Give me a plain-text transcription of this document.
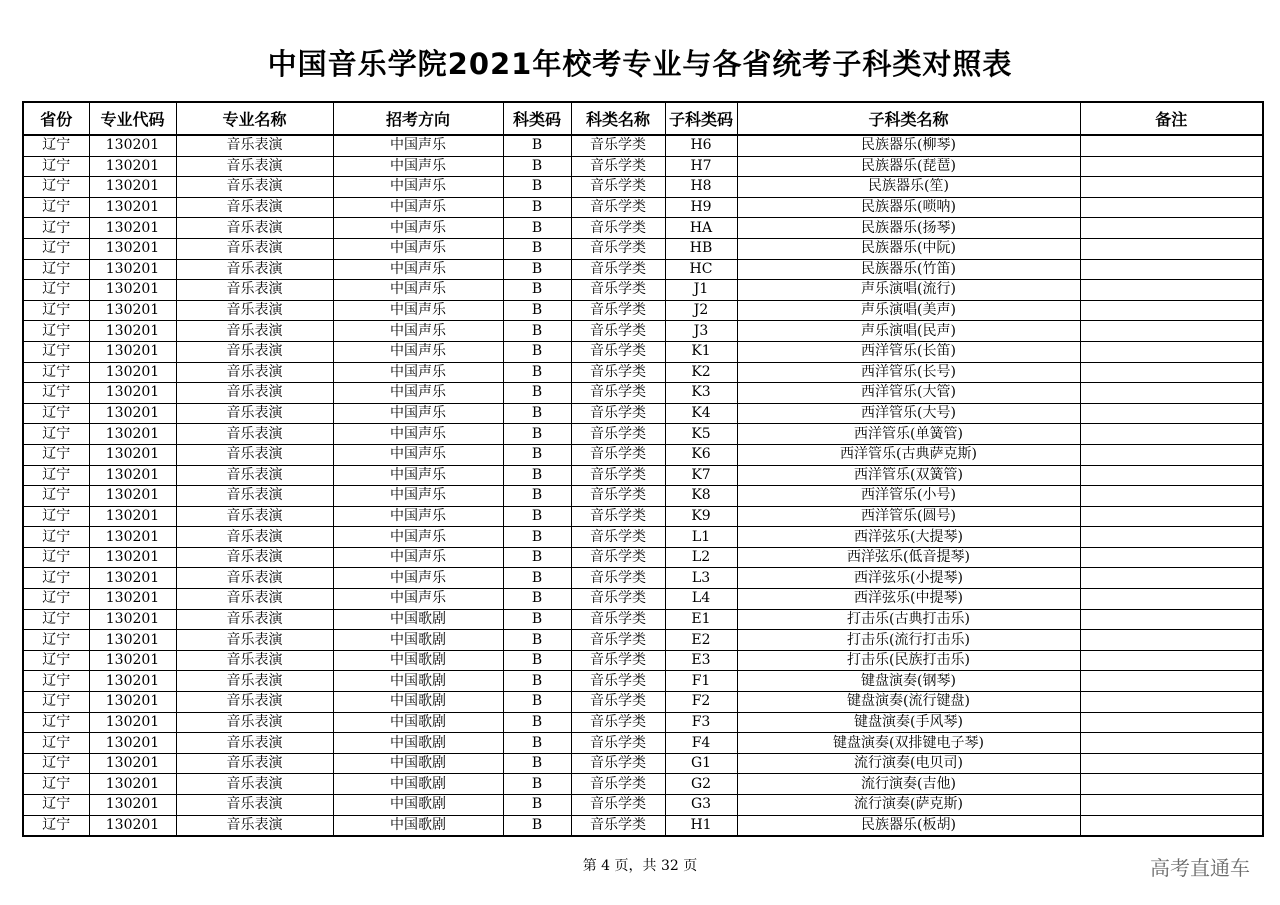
中国音乐学院2021年校考专业与各省统考子科类对照表
省份	专业代码	专业名称	招考方向	科类码	科类名称	子科类码	子科类名称	备注
辽宁	130201	音乐表演	中国声乐	B	音乐学类	H6	民族器乐(柳琴)	
辽宁	130201	音乐表演	中国声乐	B	音乐学类	H7	民族器乐(琵琶)	
辽宁	130201	音乐表演	中国声乐	B	音乐学类	H8	民族器乐(笙)	
辽宁	130201	音乐表演	中国声乐	B	音乐学类	H9	民族器乐(唢呐)	
辽宁	130201	音乐表演	中国声乐	B	音乐学类	HA	民族器乐(扬琴)	
辽宁	130201	音乐表演	中国声乐	B	音乐学类	HB	民族器乐(中阮)	
辽宁	130201	音乐表演	中国声乐	B	音乐学类	HC	民族器乐(竹笛)	
辽宁	130201	音乐表演	中国声乐	B	音乐学类	J1	声乐演唱(流行)	
辽宁	130201	音乐表演	中国声乐	B	音乐学类	J2	声乐演唱(美声)	
辽宁	130201	音乐表演	中国声乐	B	音乐学类	J3	声乐演唱(民声)	
辽宁	130201	音乐表演	中国声乐	B	音乐学类	K1	西洋管乐(长笛)	
辽宁	130201	音乐表演	中国声乐	B	音乐学类	K2	西洋管乐(长号)	
辽宁	130201	音乐表演	中国声乐	B	音乐学类	K3	西洋管乐(大管)	
辽宁	130201	音乐表演	中国声乐	B	音乐学类	K4	西洋管乐(大号)	
辽宁	130201	音乐表演	中国声乐	B	音乐学类	K5	西洋管乐(单簧管)	
辽宁	130201	音乐表演	中国声乐	B	音乐学类	K6	西洋管乐(古典萨克斯)	
辽宁	130201	音乐表演	中国声乐	B	音乐学类	K7	西洋管乐(双簧管)	
辽宁	130201	音乐表演	中国声乐	B	音乐学类	K8	西洋管乐(小号)	
辽宁	130201	音乐表演	中国声乐	B	音乐学类	K9	西洋管乐(圆号)	
辽宁	130201	音乐表演	中国声乐	B	音乐学类	L1	西洋弦乐(大提琴)	
辽宁	130201	音乐表演	中国声乐	B	音乐学类	L2	西洋弦乐(低音提琴)	
辽宁	130201	音乐表演	中国声乐	B	音乐学类	L3	西洋弦乐(小提琴)	
辽宁	130201	音乐表演	中国声乐	B	音乐学类	L4	西洋弦乐(中提琴)	
辽宁	130201	音乐表演	中国歌剧	B	音乐学类	E1	打击乐(古典打击乐)	
辽宁	130201	音乐表演	中国歌剧	B	音乐学类	E2	打击乐(流行打击乐)	
辽宁	130201	音乐表演	中国歌剧	B	音乐学类	E3	打击乐(民族打击乐)	
辽宁	130201	音乐表演	中国歌剧	B	音乐学类	F1	键盘演奏(钢琴)	
辽宁	130201	音乐表演	中国歌剧	B	音乐学类	F2	键盘演奏(流行键盘)	
辽宁	130201	音乐表演	中国歌剧	B	音乐学类	F3	键盘演奏(手风琴)	
辽宁	130201	音乐表演	中国歌剧	B	音乐学类	F4	键盘演奏(双排键电子琴)	
辽宁	130201	音乐表演	中国歌剧	B	音乐学类	G1	流行演奏(电贝司)	
辽宁	130201	音乐表演	中国歌剧	B	音乐学类	G2	流行演奏(吉他)	
辽宁	130201	音乐表演	中国歌剧	B	音乐学类	G3	流行演奏(萨克斯)	
辽宁	130201	音乐表演	中国歌剧	B	音乐学类	H1	民族器乐(板胡)	
第 4 页，共 32 页	高考直通车
